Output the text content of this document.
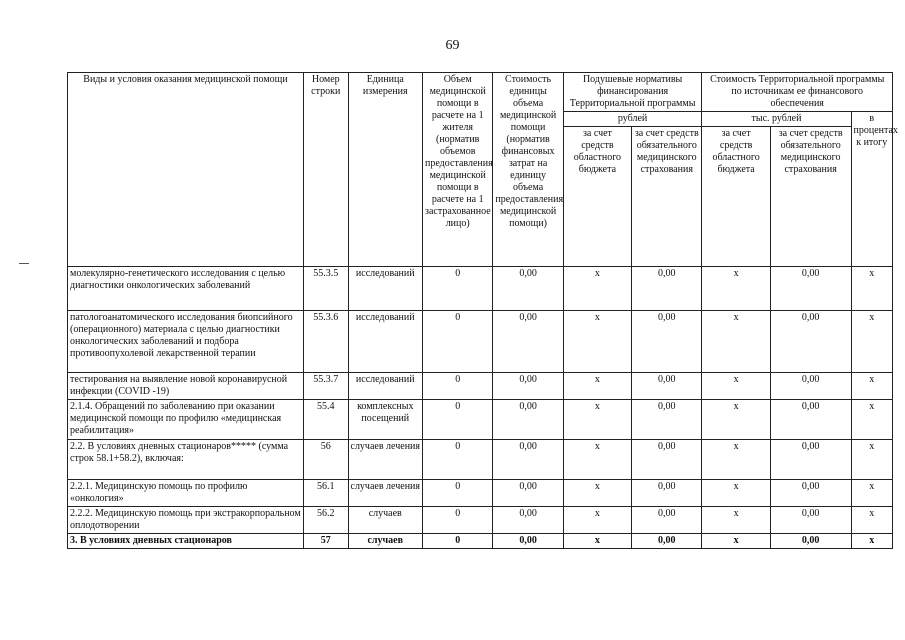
69
Виды и условия оказания медицинской помощи	Номер строки	Единица измерения	Объем медицинской помощи в расчете на 1 жителя (норматив объемов предоставления медицинской помощи в расчете на 1 застрахованное лицо)	Стоимость единицы объема медицинской помощи (норматив финансовых затрат на единицу объема предоставления медицинской помощи)	Подушевые нормативы финансирования Территориальной программы		Стоимость Территориальной программы по источникам ее финансового обеспечения		
					рублей		тыс. рублей		в процентах к итогу
					за счет средств областного бюджета	за счет средств обязательного медицинского страхования	за счет средств областного бюджета	за счет средств обязательного медицинского страхования	
молекулярно-генетического исследования с целью диагностики онкологических заболеваний	55.3.5	исследований	0	0,00	х	0,00	х	0,00	х
патологоанатомического исследования биопсийного (операционного) материала с целью диагностики онкологических заболеваний и подбора противоопухолевой лекарственной терапии	55.3.6	исследований	0	0,00	х	0,00	х	0,00	х
тестирования на выявление новой коронавирусной инфекции (COVID -19)	55.3.7	исследований	0	0,00	х	0,00	х	0,00	х
2.1.4. Обращений по заболеванию при оказании медицинской помощи по профилю «медицинская реабилитация»	55.4	комплексных посещений	0	0,00	х	0,00	х	0,00	х
2.2. В условиях дневных стационаров***** (сумма строк 58.1+58.2), включая:	56	случаев лечения	0	0,00	х	0,00	х	0,00	х
2.2.1. Медицинскую помощь по профилю «онкология»	56.1	случаев лечения	0	0,00	х	0,00	х	0,00	х
2.2.2. Медицинскую помощь при экстракорпоральном оплодотворении	56.2	случаев	0	0,00	х	0,00	х	0,00	х
3. В условиях дневных стационаров	57	случаев	0	0,00	х	0,00	х	0,00	х
